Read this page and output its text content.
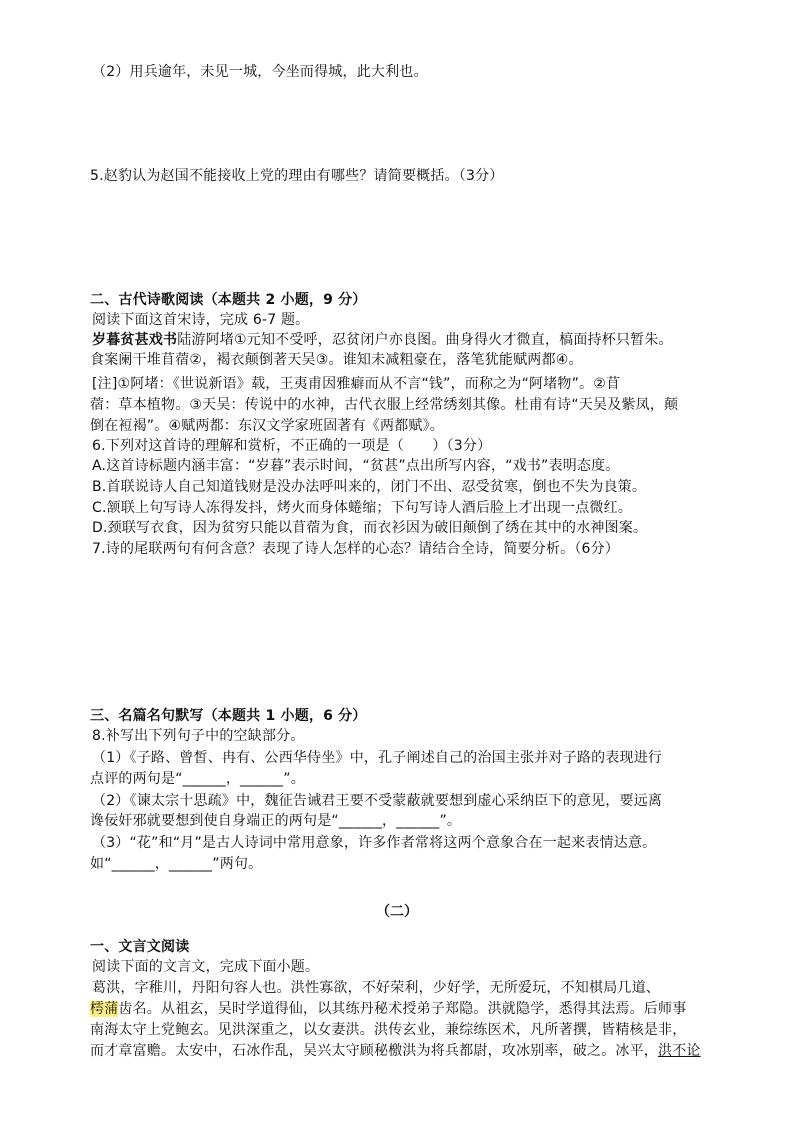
（2）用兵逾年，未见一城，今坐而得城，此大利也。

5.赵豹认为赵国不能接收上党的理由有哪些？请简要概括。（3分）

二、古代诗歌阅读（本题共 2 小题，9 分）

阅读下面这首宋诗，完成 6-7 题。

岁暮贫甚戏书陆游阿堵①元知不受呼，忍贫闭户亦良图。曲身得火才微直，槁面持杯只暂朱。

食案阑干堆苜蓿②，褐衣颠倒著天吴③。谁知未减粗豪在，落笔犹能赋两都④。

[注]①阿堵：《世说新语》载，王夷甫因雅癖而从不言“钱”，而称之为“阿堵物”。②苜

蓿：草本植物。③天吴：传说中的水神，古代衣服上经常绣刻其像。杜甫有诗“天吴及紫凤，颠

倒在裋褐”。④赋两都：东汉文学家班固著有《两都赋》。

6.下列对这首诗的理解和赏析，不正确的一项是（　　）（3分）

A.这首诗标题内涵丰富：“岁暮”表示时间，“贫甚”点出所写内容，“戏书”表明态度。

B.首联说诗人自己知道钱财是没办法呼叫来的，闭门不出、忍受贫寒，倒也不失为良策。

C.颔联上句写诗人冻得发抖，烤火而身体蜷缩；下句写诗人酒后脸上才出现一点微红。

D.颈联写衣食，因为贫穷只能以苜蓿为食，而衣衫因为破旧颠倒了绣在其中的水神图案。

7.诗的尾联两句有何含意？表现了诗人怎样的心态？请结合全诗，简要分析。（6分）

三、名篇名句默写（本题共 1 小题，6 分）

8.补写出下列句子中的空缺部分。

（1）《子路、曾皙、冉有、公西华侍坐》中，孔子阐述自己的治国主张并对子路的表现进行

点评的两句是“______，______”。

（2）《谏太宗十思疏》中，魏征告诫君王要不受蒙蔽就要想到虚心采纳臣下的意见，要远离

谗佞奸邪就要想到使自身端正的两句是“______，______”。

（3）“花”和“月”是古人诗词中常用意象，许多作者常将这两个意象合在一起来表情达意。

如“______，______”两句。

（二）

一、文言文阅读

阅读下面的文言文，完成下面小题。

葛洪，字稚川，丹阳句容人也。洪性寡欲，不好荣利，少好学，无所爱玩，不知棋局几道、

樗蒲齿名。从祖玄，吴时学道得仙，以其练丹秘术授弟子郑隐。洪就隐学，悉得其法焉。后师事

南海太守上党鲍玄。见洪深重之，以女妻洪。洪传玄业，兼综练医术，凡所著撰，皆精核是非，

而才章富赡。太安中，石冰作乱，吴兴太守顾秘檄洪为将兵都尉，攻冰别率，破之。冰平，洪不论
